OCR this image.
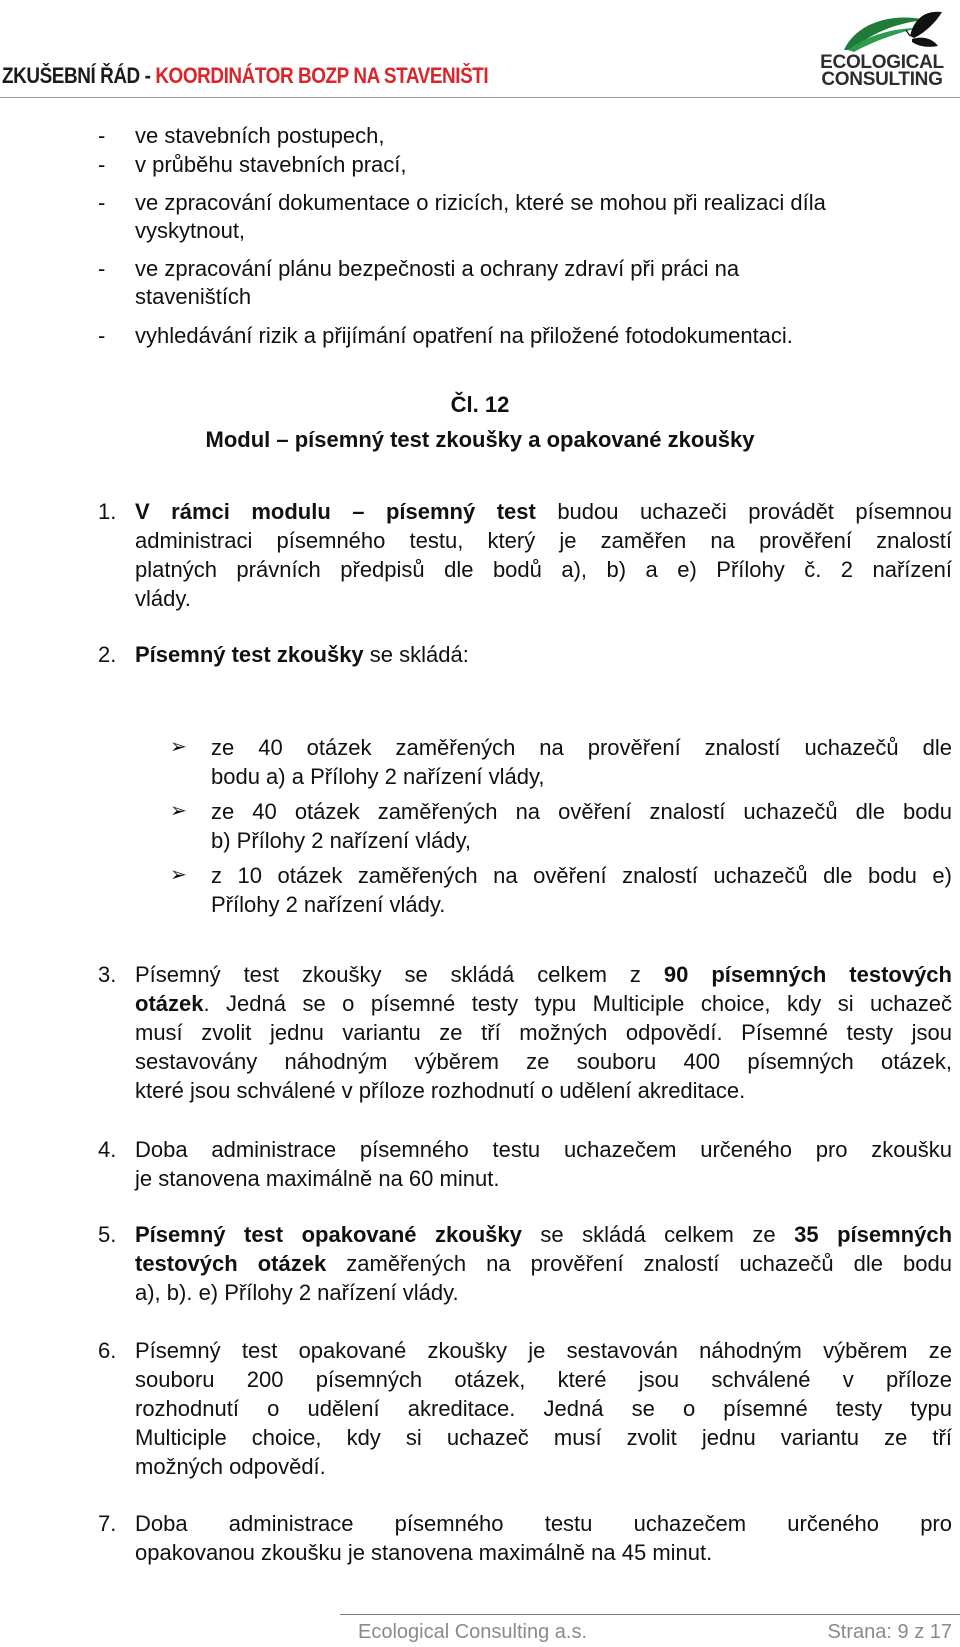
ZKUŠEBNÍ ŘÁD - KOORDINÁTOR BOZP NA STAVENIŠTI
ECOLOGICAL
CONSULTING
- ve stavebních postupech,
- v průběhu stavebních prací,
- ve zpracování dokumentace o rizicích, které se mohou při realizaci díla
vyskytnout,
- ve zpracování plánu bezpečnosti a ochrany zdraví při práci na
staveništích
- vyhledávání rizik a přijímání opatření na přiložené fotodokumentaci.
Čl. 12
Modul – písemný test zkoušky a opakované zkoušky
1. V rámci modulu – písemný test budou uchazeči provádět písemnou
administraci písemného testu, který je zaměřen na prověření znalostí
platných právních předpisů dle bodů a), b) a e) Přílohy č. 2 nařízení
vlády.
2. Písemný test zkoušky se skládá:
➢ ze 40 otázek zaměřených na prověření znalostí uchazečů dle
bodu a) a Přílohy 2 nařízení vlády,
➢ ze 40 otázek zaměřených na ověření znalostí uchazečů dle bodu
b) Přílohy 2 nařízení vlády,
➢ z 10 otázek zaměřených na ověření znalostí uchazečů dle bodu e)
Přílohy 2 nařízení vlády.
3. Písemný test zkoušky se skládá celkem z 90 písemných testových
otázek. Jedná se o písemné testy typu Multiciple choice, kdy si uchazeč
musí zvolit jednu variantu ze tří možných odpovědí. Písemné testy jsou
sestavovány náhodným výběrem ze souboru 400 písemných otázek,
které jsou schválené v příloze rozhodnutí o udělení akreditace.
4. Doba administrace písemného testu uchazečem určeného pro zkoušku
je stanovena maximálně na 60 minut.
5. Písemný test opakované zkoušky se skládá celkem ze 35 písemných
testových otázek zaměřených na prověření znalostí uchazečů dle bodu
a), b). e) Přílohy 2 nařízení vlády.
6. Písemný test opakované zkoušky je sestavován náhodným výběrem ze
souboru 200 písemných otázek, které jsou schválené v příloze
rozhodnutí o udělení akreditace. Jedná se o písemné testy typu
Multiciple choice, kdy si uchazeč musí zvolit jednu variantu ze tří
možných odpovědí.
7. Doba administrace písemného testu uchazečem určeného pro
opakovanou zkoušku je stanovena maximálně na 45 minut.
Ecological Consulting a.s.	Strana: 9 z 17
